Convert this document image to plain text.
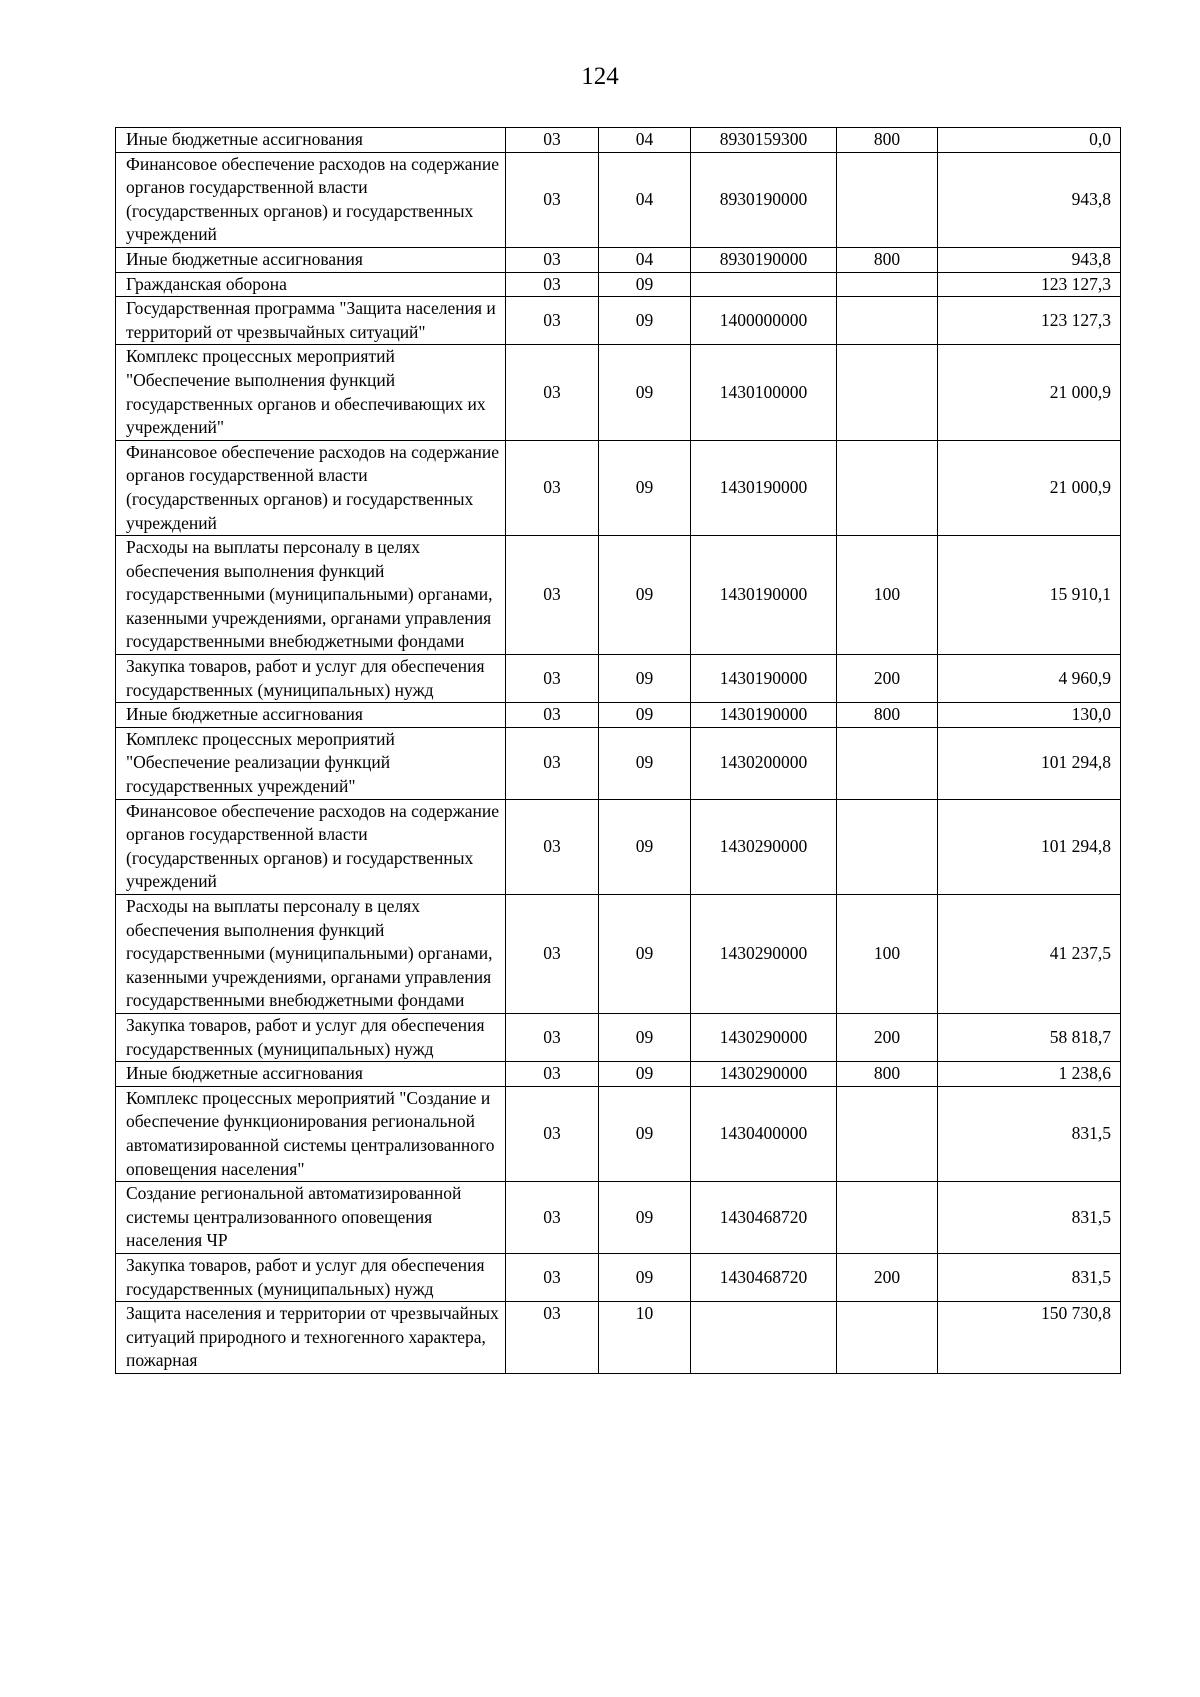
124
Иные бюджетные ассигнования	03	04	8930159300	800	0,0
Финансовое обеспечение расходов на содержание органов государственной власти (государственных органов) и государственных учреждений	03	04	8930190000		943,8
Иные бюджетные ассигнования	03	04	8930190000	800	943,8
Гражданская оборона	03	09			123 127,3
Государственная программа "Защита населения и территорий от чрезвычайных ситуаций"	03	09	1400000000		123 127,3
Комплекс процессных мероприятий "Обеспечение выполнения функций государственных органов и обеспечивающих их учреждений"	03	09	1430100000		21 000,9
Финансовое обеспечение расходов на содержание органов государственной власти (государственных органов) и государственных учреждений	03	09	1430190000		21 000,9
Расходы на выплаты персоналу в целях обеспечения выполнения функций государственными (муниципальными) органами, казенными учреждениями, органами управления государственными внебюджетными фондами	03	09	1430190000	100	15 910,1
Закупка товаров, работ и услуг для обеспечения государственных (муниципальных) нужд	03	09	1430190000	200	4 960,9
Иные бюджетные ассигнования	03	09	1430190000	800	130,0
Комплекс процессных мероприятий "Обеспечение реализации функций государственных учреждений"	03	09	1430200000		101 294,8
Финансовое обеспечение расходов на содержание органов государственной власти (государственных органов) и государственных учреждений	03	09	1430290000		101 294,8
Расходы на выплаты персоналу в целях обеспечения выполнения функций государственными (муниципальными) органами, казенными учреждениями, органами управления государственными внебюджетными фондами	03	09	1430290000	100	41 237,5
Закупка товаров, работ и услуг для обеспечения государственных (муниципальных) нужд	03	09	1430290000	200	58 818,7
Иные бюджетные ассигнования	03	09	1430290000	800	1 238,6
Комплекс процессных мероприятий "Создание и обеспечение функционирования региональной автоматизированной системы централизованного оповещения населения"	03	09	1430400000		831,5
Создание региональной автоматизированной системы централизованного оповещения населения ЧР	03	09	1430468720		831,5
Закупка товаров, работ и услуг для обеспечения государственных (муниципальных) нужд	03	09	1430468720	200	831,5
Защита населения и территории от чрезвычайных ситуаций природного и техногенного характера, пожарная	03	10			150 730,8
